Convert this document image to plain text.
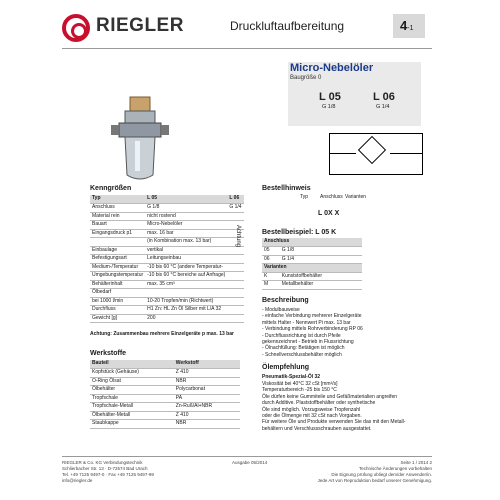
RIEGLER	Druckluftaufbereitung	4-1
Micro-Nebelöler
Baugröße 0
L 05
G 1/8
L 06
G 1/4
Kenngrößen
Typ	L 05	L 06
Anschluss	G 1/8	G 1/4
Material rein	nicht rostend	
Bauart	Micro-Nebelöler	
Eingangsdruck p1	max. 16 bar	
	(in Kombination max. 13 bar)	
Einbaulage	vertikal	
Befestigungsart	Leitungseinbau	
Medium-/Temperatur	-10 bis 60 °C (andere Temperatur-	
Umgebungstemperatur	-10 bis 60 °C bereiche auf Anfrage)	
Behälterinhalt	max. 35 cm³	
Ölbedarf		
bei 1000 l/min	10-20 Tropfen/min (Richtwert)	
Durchfluss	H1 Zn: HL Zn Öl Silber mit L/A 32	
Gewicht [g]	200	
Achtung: Zusammenbau mehrere Einzelgeräte p max. 13 bar
Achtung
Werkstoffe
Bauteil	Werkstoff
Kopfstück (Gehäuse)	Z 410
O-Ring Ölsat	NBR
Ölbehälter	Polycarbonat
Tropfschale	PA
Tropfschale-Metall	Zn-Ruß/Al+NBR
Ölbehälter-Metall	Z 410
Staubkappe	NBR
Bestellhinweis
Typ Anschluss Varianten
L 0X X
Bestellbeispiel: L 05 K
Anschluss	
05	G 1/8
06	G 1/4
Varianten	
K	Kunststoffbehälter
M	Metallbehälter
Beschreibung
- Modulbauweise
- einfache Verbindung mehrerer Einzelgeräte
mittels Halter - Nennwert Pi max. 13 bar
- Verbindung mittels Rohrverbinderung RP 06
- Durchflussrichtung ist durch Pfeile
gekennzeichnet - Betrieb in Flussrichtung
- Ölnachfüllung: Betätigen ist möglich
- Schnellverschlussbehälter möglich
Ölempfehlung
Pneumatik-Spezial-Öl 32
Viskosität bei 40°C 32 cSt [mm²/s]
Temperaturbereich -25 bis 150 °C
Öle dürfen keine Gummiteile und Gefäßmaterialien angreifen
durch Additive. Plaststoffbehälter oder synthetische
Öle sind möglich. Vorzugsweise Tropfenzahl
oder die Ölmenge mit 32 cSt nach Vorgaben.
Für weitere Öle und Produkte verwenden Sie das mit den Metall-
behältern und Verschlussschrauben ausgestattet.
RIEGLER & Co. KG Verbindungstechnik
Schlierbacher Str. 13 · D-72574 Bad Urach
Tel. +49 7125 9497-0 · Fax +49 7125 9497-99
info@riegler.de
Ausgabe 05/2014	Seite 1 / 2014 2
Technische Änderungen vorbehalten
Die Eignung prüfung obliegt dem/der Anwender/in.
Jede Art von Reproduktion bedarf unserer Genehmigung.
